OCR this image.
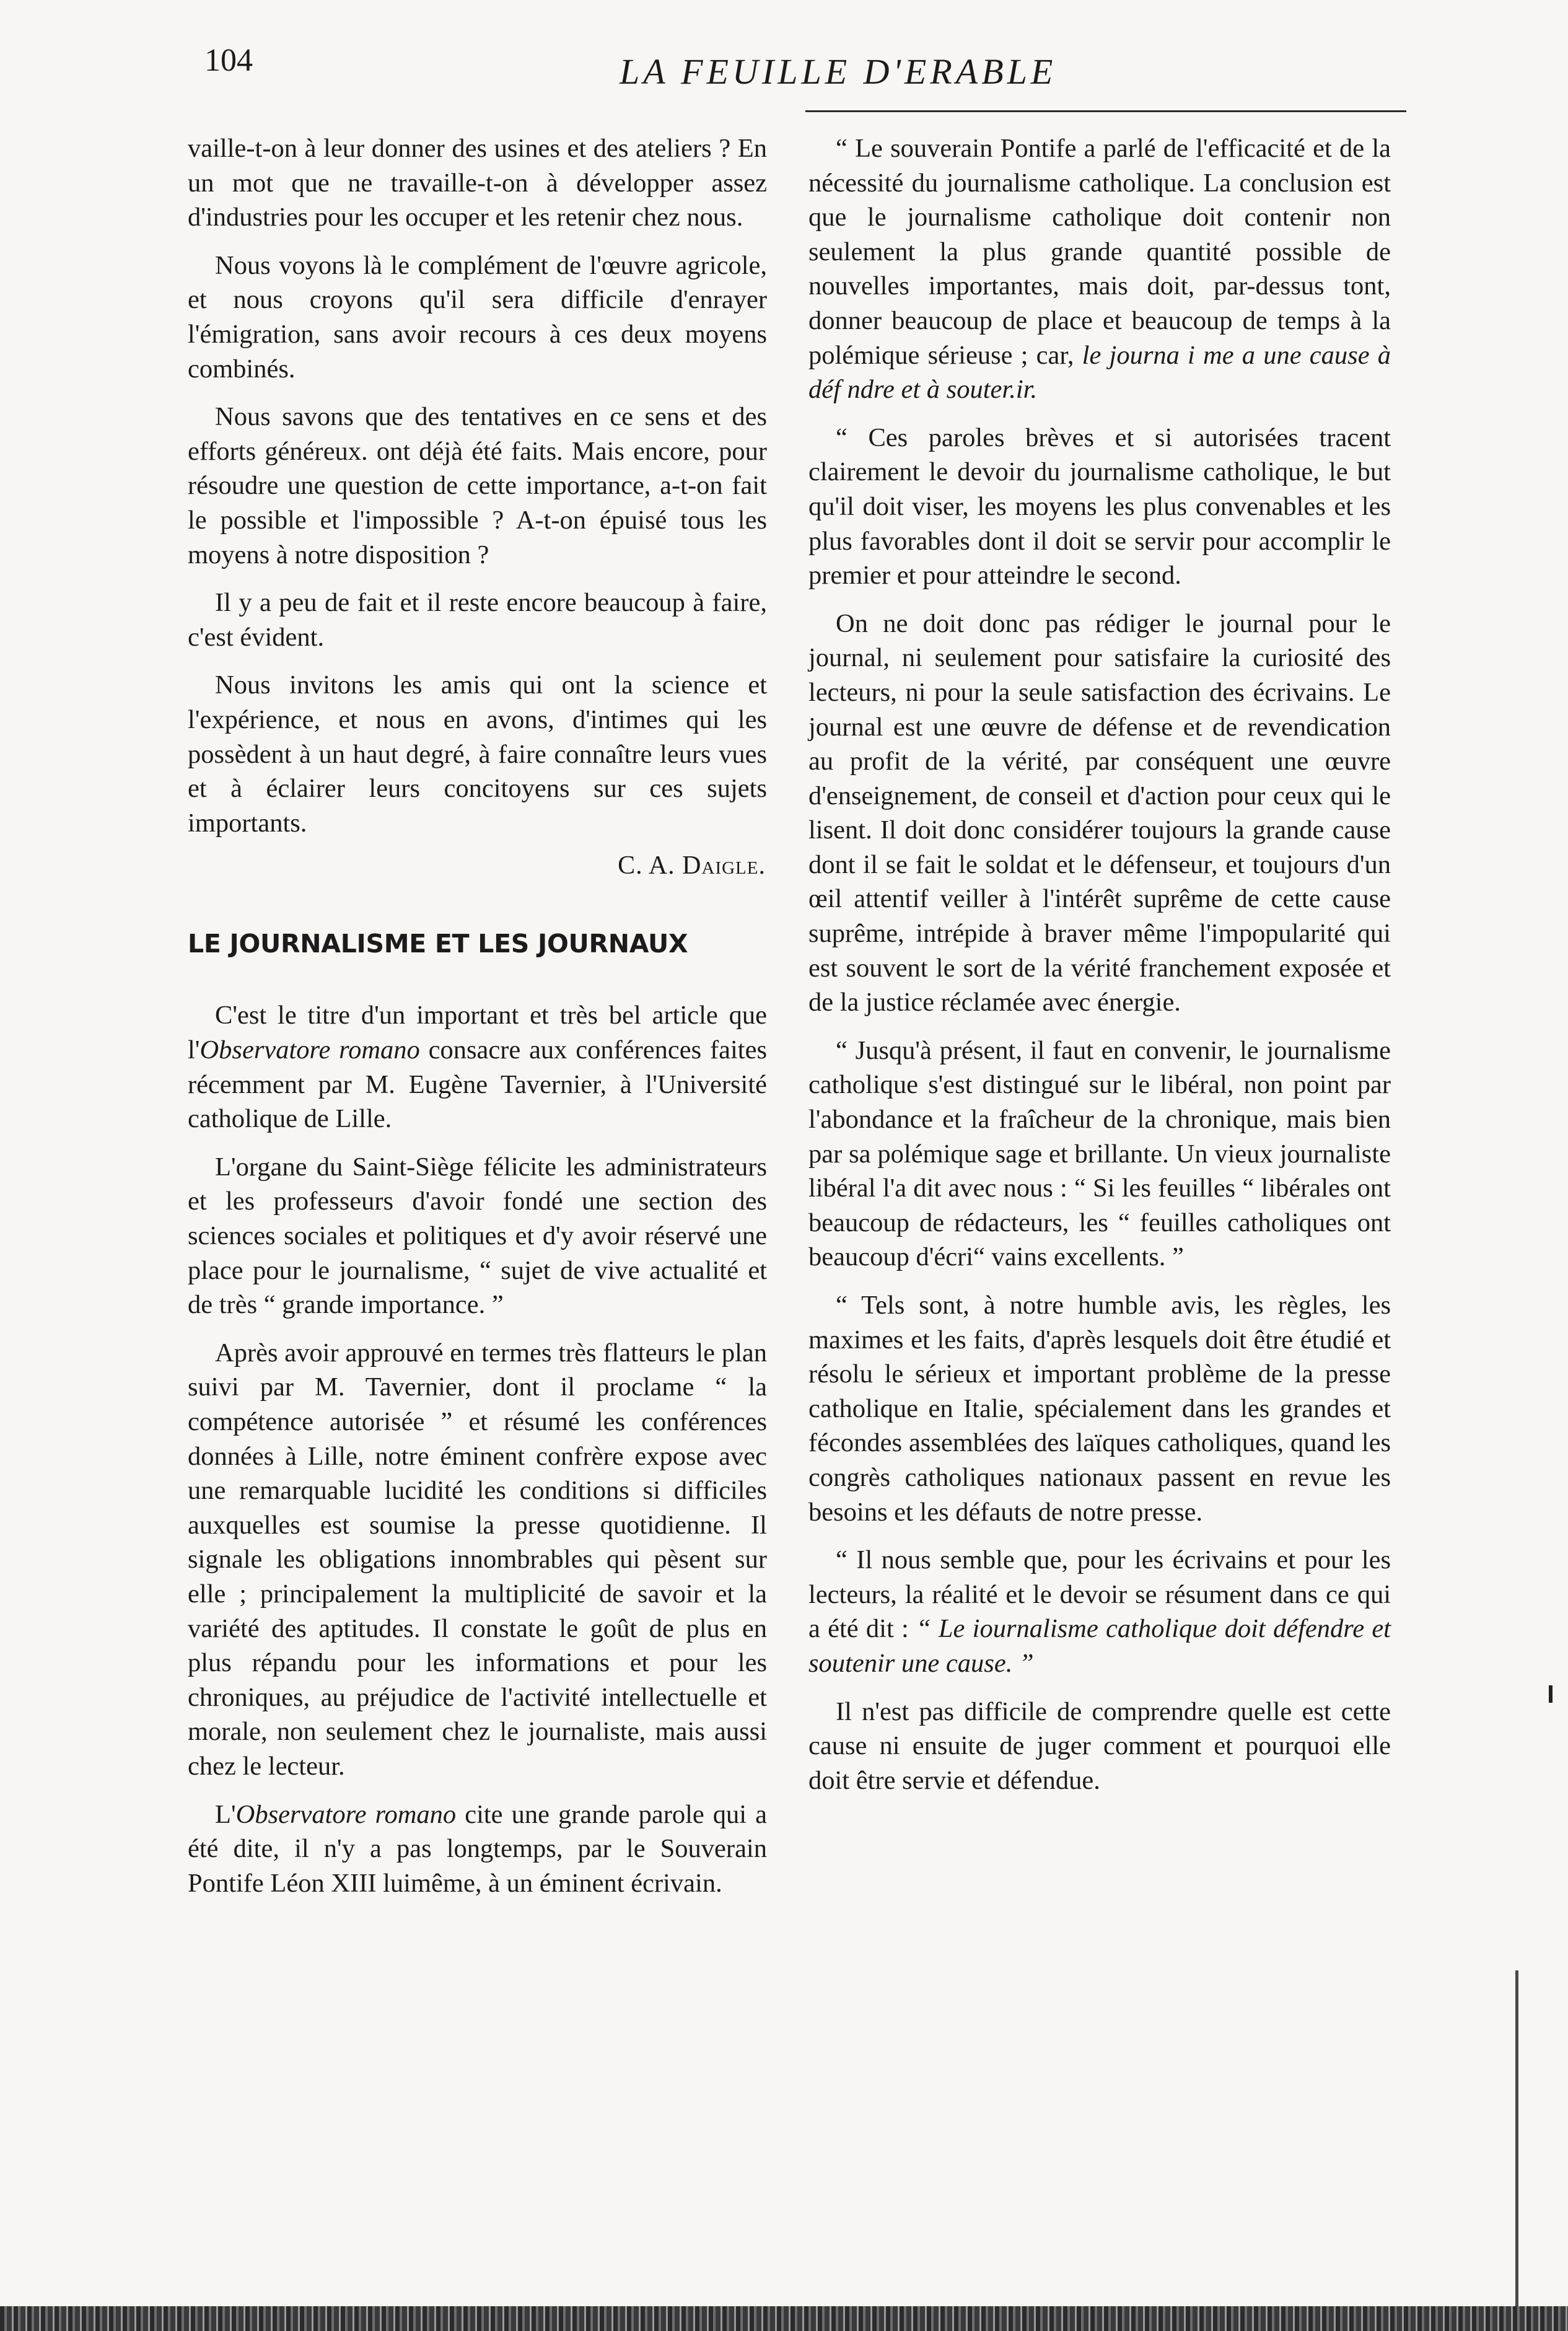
104	LA FEUILLE D'ERABLE

vaille-t-on à leur donner des usines et des ateliers ? En un mot que ne travaille-t-on à développer assez d'industries pour les occuper et les retenir chez nous.

Nous voyons là le complément de l'œuvre agricole, et nous croyons qu'il sera difficile d'enrayer l'émigration, sans avoir recours à ces deux moyens combinés.

Nous savons que des tentatives en ce sens et des efforts généreux. ont déjà été faits. Mais encore, pour résoudre une question de cette importance, a-t-on fait le possible et l'impossible ? A-t-on épuisé tous les moyens à notre disposition ?

Il y a peu de fait et il reste encore beaucoup à faire, c'est évident.

Nous invitons les amis qui ont la science et l'expérience, et nous en avons, d'intimes qui les possèdent à un haut degré, à faire connaître leurs vues et à éclairer leurs concitoyens sur ces sujets importants.

C. A. Daigle.
LE JOURNALISME ET LES JOURNAUX

C'est le titre d'un important et très bel article que l'Observatore romano consacre aux conférences faites récemment par M. Eugène Tavernier, à l'Université catholique de Lille.

L'organe du Saint-Siège félicite les administrateurs et les professeurs d'avoir fondé une section des sciences sociales et politiques et d'y avoir réservé une place pour le journalisme, “ sujet de vive actualité et de très “ grande importance. ”

Après avoir approuvé en termes très flatteurs le plan suivi par M. Tavernier, dont il proclame “ la compétence autorisée ” et résumé les conférences données à Lille, notre éminent confrère expose avec une remarquable lucidité les conditions si difficiles auxquelles est soumise la presse quotidienne. Il signale les obligations innombrables qui pèsent sur elle ; principalement la multiplicité de savoir et la variété des aptitudes. Il constate le goût de plus en plus répandu pour les informations et pour les chroniques, au préjudice de l'activité intellectuelle et morale, non seulement chez le journaliste, mais aussi chez le lecteur.

L'Observatore romano cite une grande parole qui a été dite, il n'y a pas longtemps, par le Souverain Pontife Léon XIII luimême, à un éminent écrivain.

“ Le souverain Pontife a parlé de l'efficacité et de la nécessité du journalisme catholique. La conclusion est que le journalisme catholique doit contenir non seulement la plus grande quantité possible de nouvelles importantes, mais doit, par-dessus tont, donner beaucoup de place et beaucoup de temps à la polémique sérieuse ; car, le journa i me a une cause à déf ndre et à souter.ir.

“ Ces paroles brèves et si autorisées tracent clairement le devoir du journalisme catholique, le but qu'il doit viser, les moyens les plus convenables et les plus favorables dont il doit se servir pour accomplir le premier et pour atteindre le second.

On ne doit donc pas rédiger le journal pour le journal, ni seulement pour satisfaire la curiosité des lecteurs, ni pour la seule satisfaction des écrivains. Le journal est une œuvre de défense et de revendication au profit de la vérité, par conséquent une œuvre d'enseignement, de conseil et d'action pour ceux qui le lisent. Il doit donc considérer toujours la grande cause dont il se fait le soldat et le défenseur, et toujours d'un œil attentif veiller à l'intérêt suprême de cette cause suprême, intrépide à braver même l'impopularité qui est souvent le sort de la vérité franchement exposée et de la justice réclamée avec énergie.

“ Jusqu'à présent, il faut en convenir, le journalisme catholique s'est distingué sur le libéral, non point par l'abondance et la fraîcheur de la chronique, mais bien par sa polémique sage et brillante. Un vieux journaliste libéral l'a dit avec nous : “ Si les feuilles “ libérales ont beaucoup de rédacteurs, les “ feuilles catholiques ont beaucoup d'écri“ vains excellents. ”

“ Tels sont, à notre humble avis, les règles, les maximes et les faits, d'après lesquels doit être étudié et résolu le sérieux et important problème de la presse catholique en Italie, spécialement dans les grandes et fécondes assemblées des laïques catholiques, quand les congrès catholiques nationaux passent en revue les besoins et les défauts de notre presse.

“ Il nous semble que, pour les écrivains et pour les lecteurs, la réalité et le devoir se résument dans ce qui a été dit : “ Le iournalisme catholique doit défendre et soutenir une cause. ”

Il n'est pas difficile de comprendre quelle est cette cause ni ensuite de juger comment et pourquoi elle doit être servie et défendue.
